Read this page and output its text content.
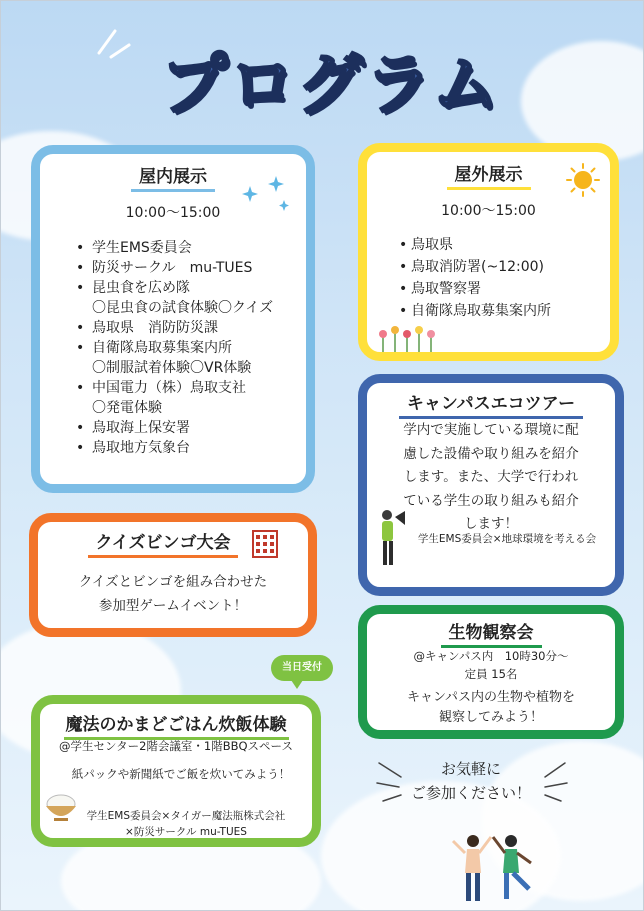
プログラム
屋内展示
10:00〜15:00
• 学生EMS委員会
• 防災サークル　mu-TUES
• 昆虫食を広め隊
〇昆虫食の試食体験〇クイズ
• 鳥取県　消防防災課
• 自衛隊鳥取募集案内所
〇制服試着体験〇VR体験
• 中国電力（株）鳥取支社
〇発電体験
• 鳥取海上保安署
• 鳥取地方気象台
屋外展示
10:00〜15:00
• 鳥取県
• 鳥取消防署(~12:00)
• 鳥取警察署
• 自衛隊鳥取募集案内所
キャンパスエコツアー
学内で実施している環境に配
慮した設備や取り組みを紹介
します。また、大学で行われ
ている学生の取り組みも紹介
します！
学生EMS委員会×地球環境を考える会
クイズビンゴ大会
クイズとビンゴを組み合わせた
参加型ゲームイベント！
生物観察会
@キャンパス内　10時30分〜
定員 15名
キャンパス内の生物や植物を
観察してみよう！
当日受付
魔法のかまどごはん炊飯体験
@学生センター2階会議室・1階BBQスペース
紙パックや新聞紙でご飯を炊いてみよう！
学生EMS委員会×タイガー魔法瓶株式会社
×防災サークル mu-TUES
お気軽に
ご参加ください！
